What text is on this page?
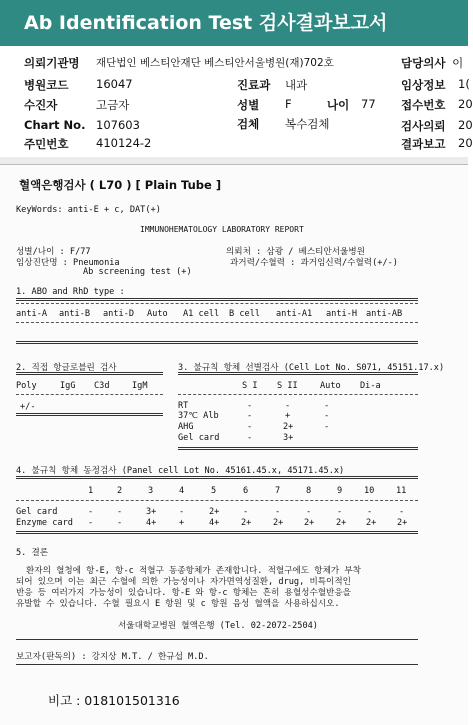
Ab Identification Test 검사결과보고서
의뢰기관명 재단법인 베스티안재단 베스티안서울병원(재)702호	담당의사 이
병원코드 16047	진료과 내과	임상정보 1(
수진자	고금자	성별 F	나이 77 접수번호 20
Chart No. 107603	검체 복수검체	검사의뢰 20
주민번호 410124-2	결과보고 20
혈액은행검사 ( L70 ) [ Plain Tube ]
KeyWords: anti-E + c, DAT(+)
IMMUNOHEMATOLOGY LABORATORY REPORT
성별/나이 : F/77
임상진단명 : Pneumonia
Ab screening test (+)
의뢰처 : 삼광 / 베스티안서울병원
과거력/수혈력 : 과거임신력/수혈력(+/-)
1. ABO and RhD type :
anti-A anti-B anti-D Auto A1 cell B cell anti-A1 anti-H anti-AB
2. 직접 항글로블린 검사
Poly	IgG C3d	IgM
+/-
3. 불규칙 항체 선별검사 (Cell Lot No. S071, 45151.17.x)
S I S II	Auto Di-a
RT	-	-	-
37℃ Alb	-	+	-
AHG	-	2+	-
Gel card	-	3+
4. 불규칙 항체 동정검사 (Panel cell Lot No. 45161.45.x, 45171.45.x)
1	2	3	4	5	6	7	8	9	10	11
Gel card	-	-	3+	-	2+	-	-	-	-	-	-
Enzyme card -	-	4+	+	4+	2+	2+ 2+	2+ 2+ 2+
5. 결론
환자의 혈청에 항-E, 항-c 적혈구 동종항체가 존재합니다. 적혈구에도 항체가 부착
되어 있으며 이는 최근 수혈에 의한 가능성이나 자가면역성질환, drug, 비특이적인
반응 등 여러가지 가능성이 있습니다. 항-E 와 항-c 항체는 흔히 용혈성수혈반응을
유발할 수 있습니다. 수혈 필요시 E 항원 및 c 항원 음성 혈액을 사용하십시오.
서울대학교병원 혈액은행 (Tel. 02-2072-2504)
보고자(판독의) : 강지상 M.T. / 한규섭 M.D.
비고 : 018101501316
